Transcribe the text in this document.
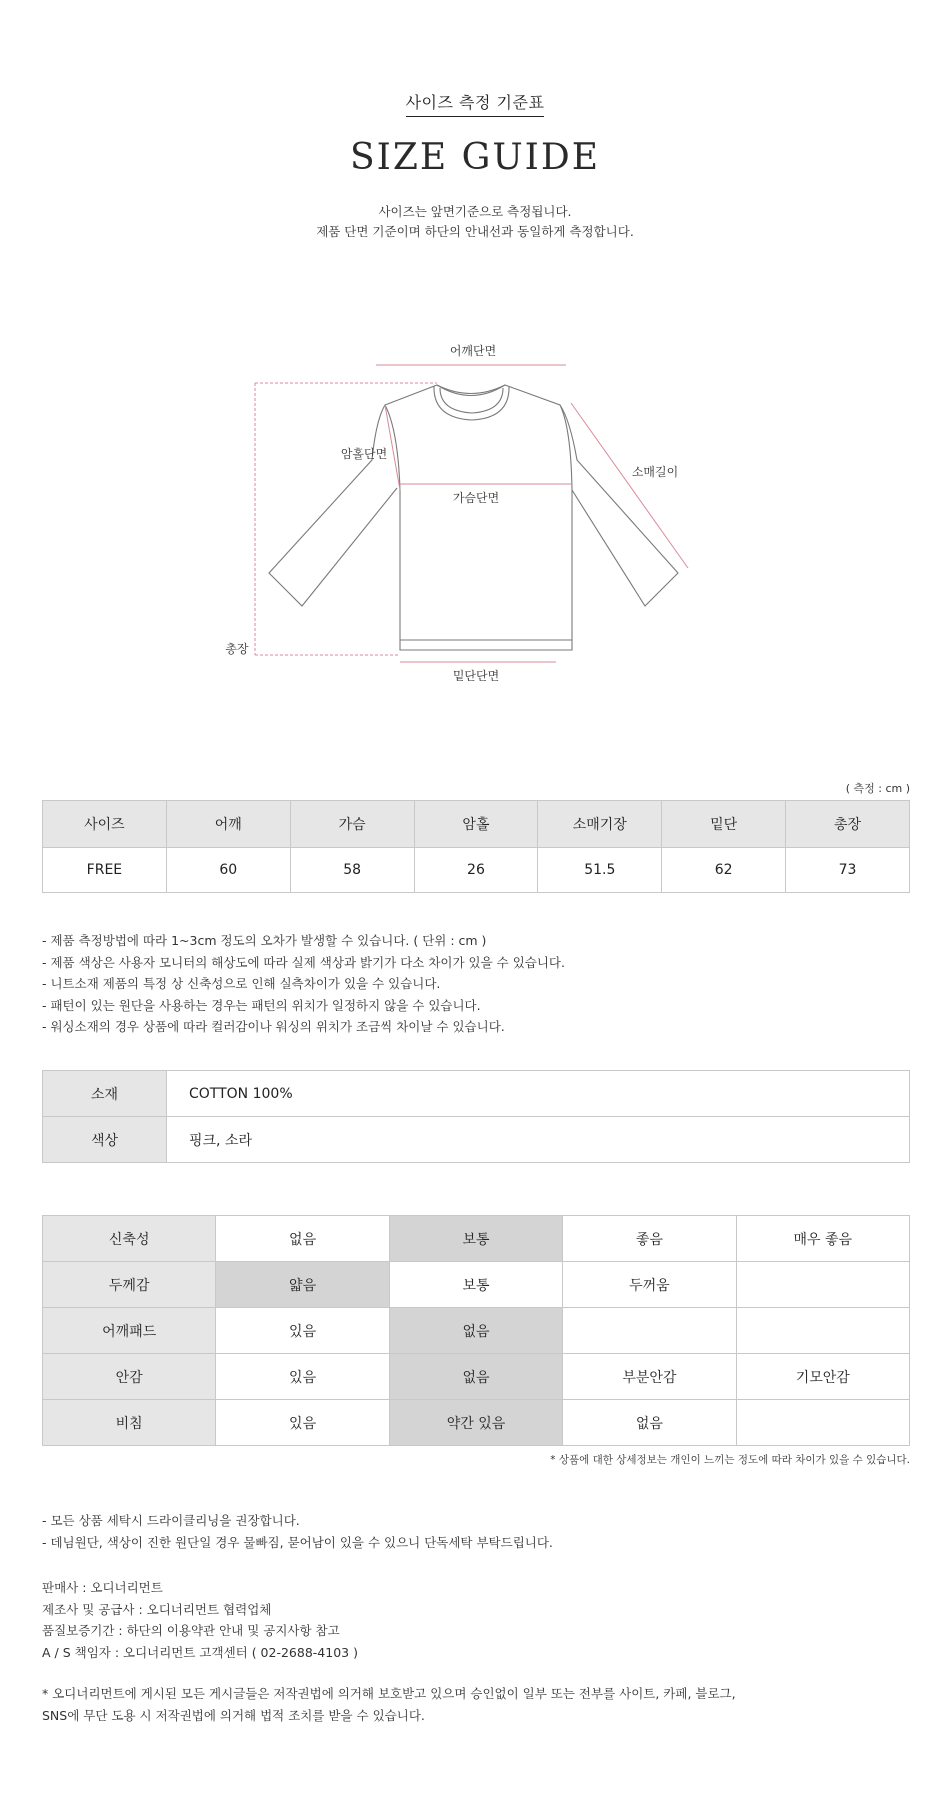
사이즈 측정 기준표
SIZE GUIDE
사이즈는 앞면기준으로 측정됩니다.
제품 단면 기준이며 하단의 안내선과 동일하게 측정합니다.
어깨단면
암홀단면
가슴단면
소매길이
총장
밑단단면
( 측정 : cm )
사이즈	어깨	가슴	암홀	소매기장	밑단	총장
FREE	60	58	26	51.5	62	73
- 제품 측정방법에 따라 1~3cm 정도의 오차가 발생할 수 있습니다. ( 단위 : cm )
- 제품 색상은 사용자 모니터의 해상도에 따라 실제 색상과 밝기가 다소 차이가 있을 수 있습니다.
- 니트소재 제품의 특정 상 신축성으로 인해 실측차이가 있을 수 있습니다.
- 패턴이 있는 원단을 사용하는 경우는 패턴의 위치가 일정하지 않을 수 있습니다.
- 워싱소재의 경우 상품에 따라 컬러감이나 워싱의 위치가 조금씩 차이날 수 있습니다.
소재	COTTON 100%
색상	핑크, 소라
신축성	없음	보통	좋음	매우 좋음
두께감	얇음	보통	두꺼움	
어깨패드	있음	없음		
안감	있음	없음	부분안감	기모안감
비침	있음	약간 있음	없음	
* 상품에 대한 상세정보는 개인이 느끼는 정도에 따라 차이가 있을 수 있습니다.
- 모든 상품 세탁시 드라이클리닝을 권장합니다.
- 데님원단, 색상이 진한 원단일 경우 물빠짐, 묻어남이 있을 수 있으니 단독세탁 부탁드립니다.
판매사 : 오디너리먼트
제조사 및 공급사 : 오디너리먼트 협력업체
품질보증기간 : 하단의 이용약관 안내 및 공지사항 참고
A / S 책임자 : 오디너리먼트 고객센터 ( 02-2688-4103 )
* 오디너리먼트에 게시된 모든 게시글들은 저작권법에 의거해 보호받고 있으며 승인없이 일부 또는 전부를 사이트, 카페, 블로그,
SNS에 무단 도용 시 저작권법에 의거해 법적 조치를 받을 수 있습니다.
